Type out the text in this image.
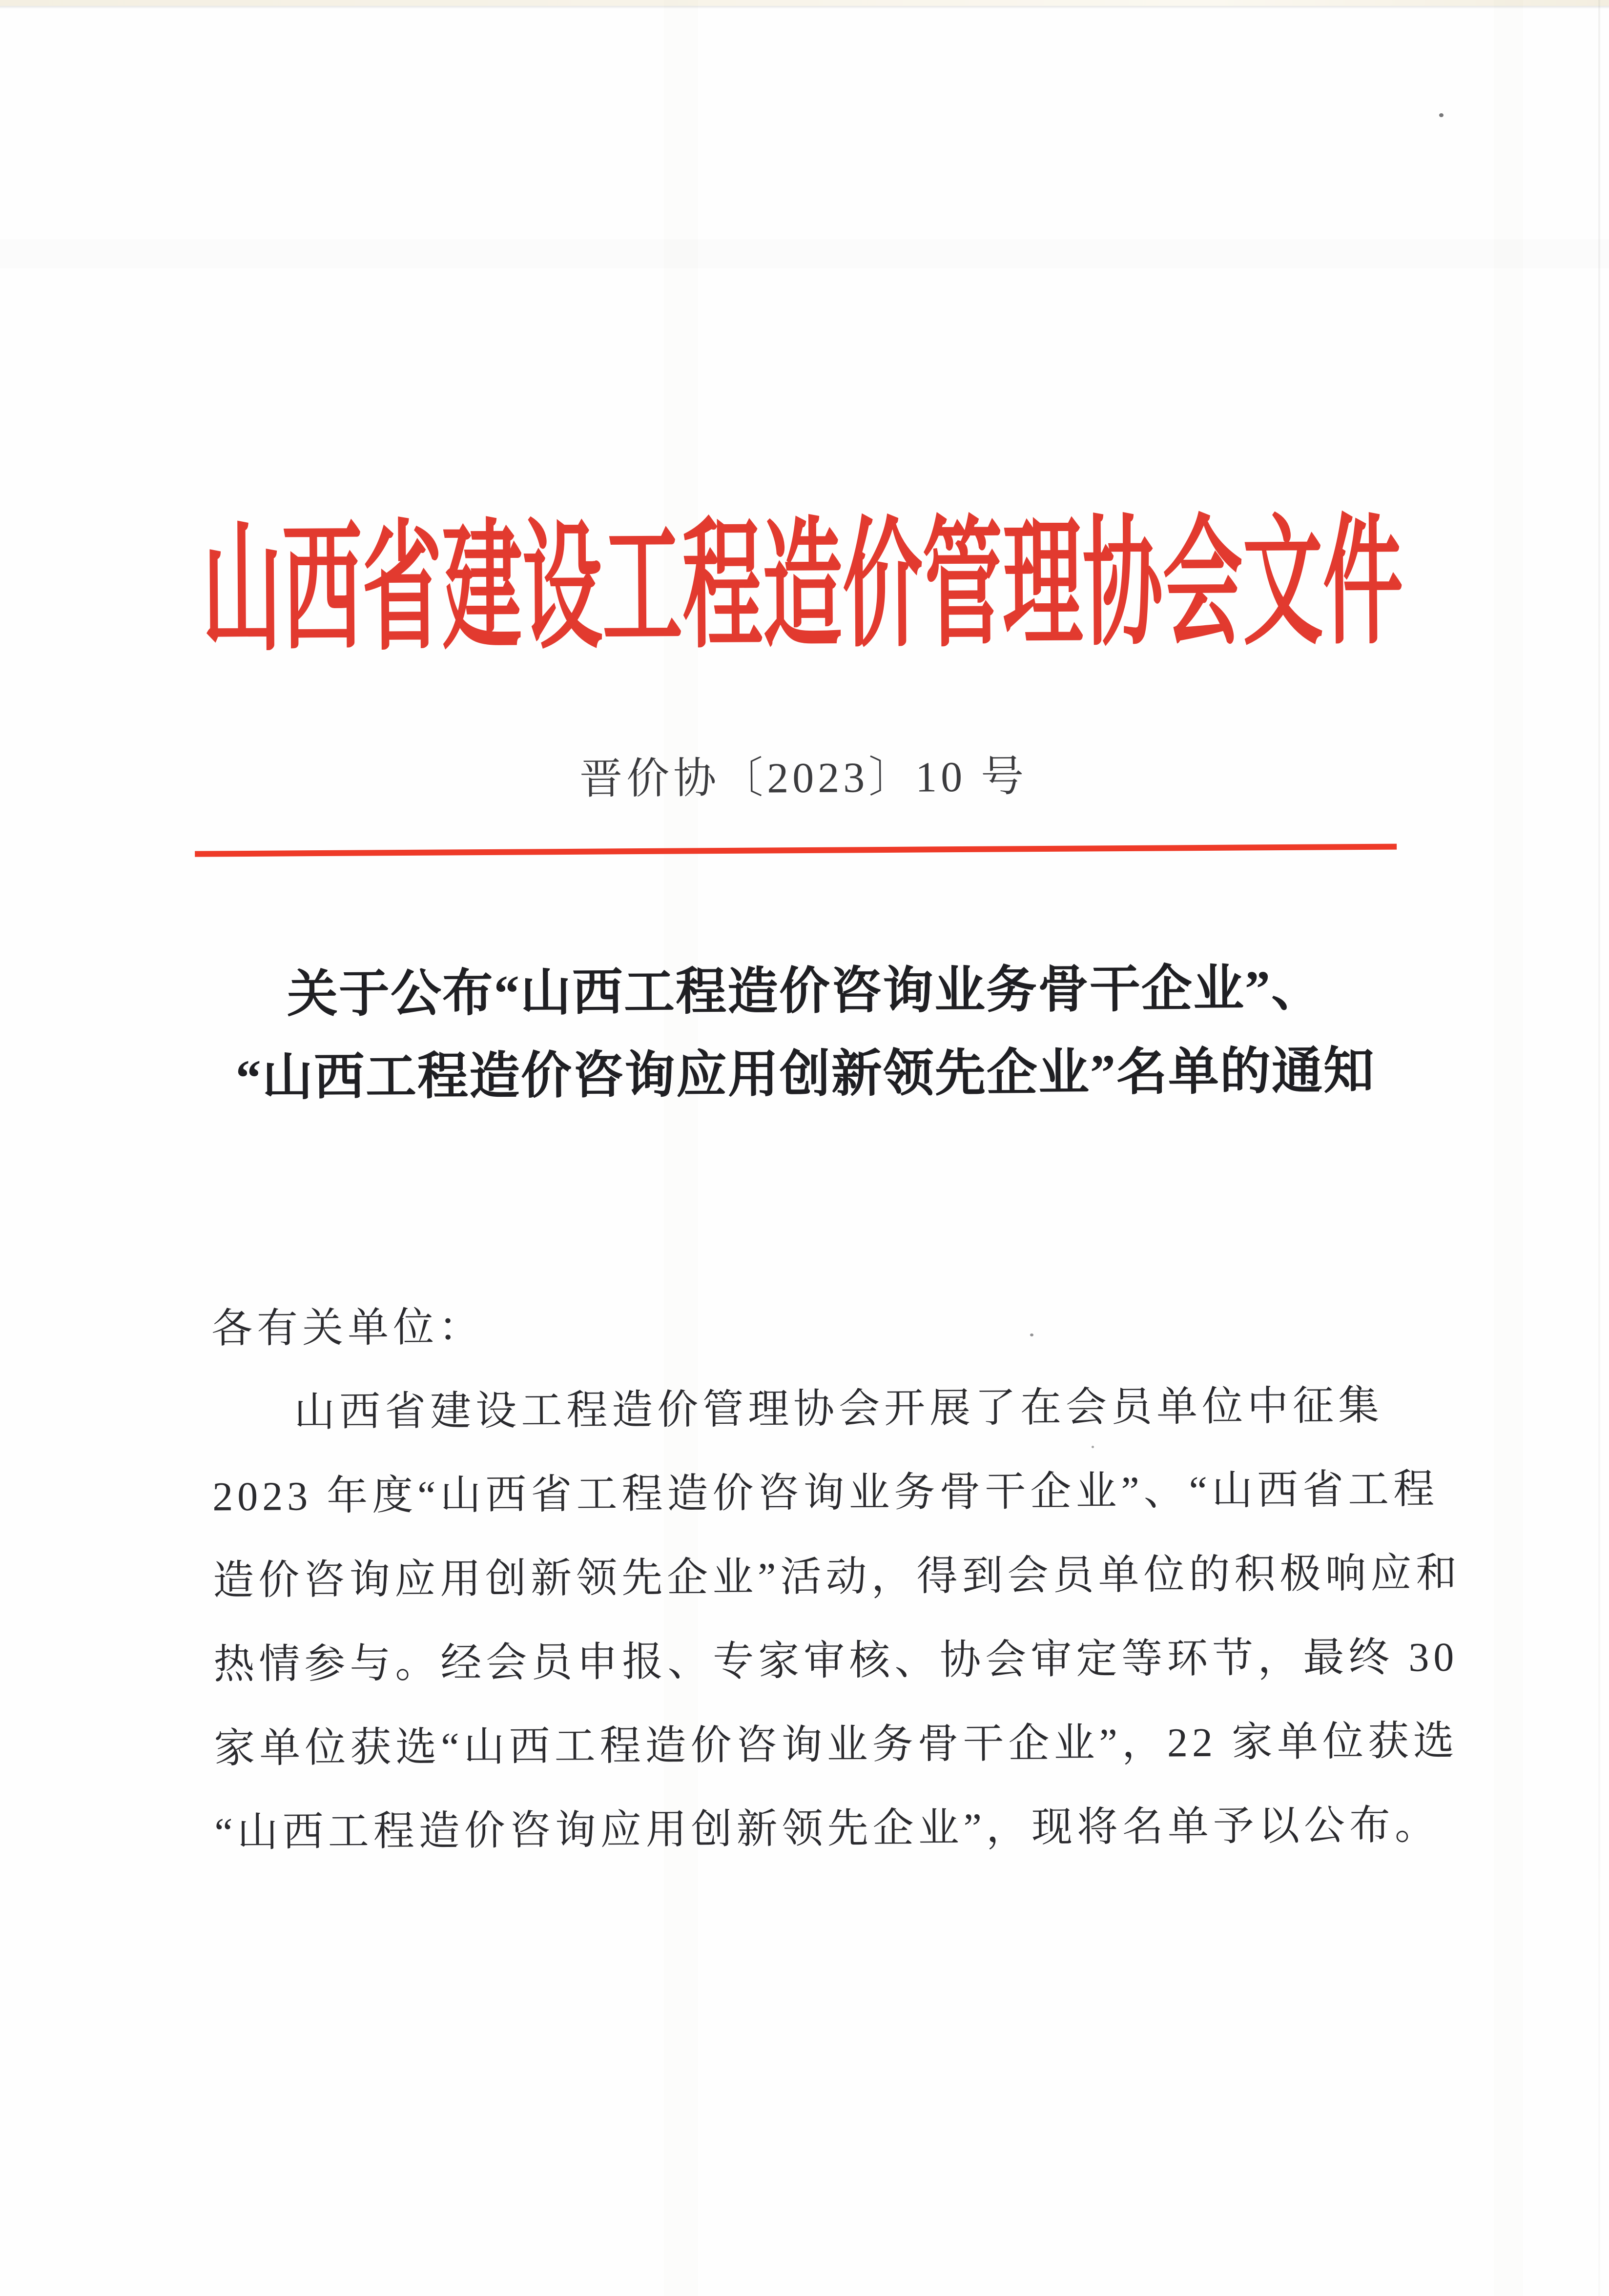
山西省建设工程造价管理协会文件
晋价协〔2023〕10 号
关于公布“山西工程造价咨询业务骨干企业”、
“山西工程造价咨询应用创新领先企业”名单的通知
各有关单位：
山西省建设工程造价管理协会开展了在会员单位中征集
2023 年度“山西省工程造价咨询业务骨干企业”、“山西省工程
造价咨询应用创新领先企业”活动，得到会员单位的积极响应和
热情参与。经会员申报、专家审核、协会审定等环节，最终 30
家单位获选“山西工程造价咨询业务骨干企业”，22 家单位获选
“山西工程造价咨询应用创新领先企业”，现将名单予以公布。
